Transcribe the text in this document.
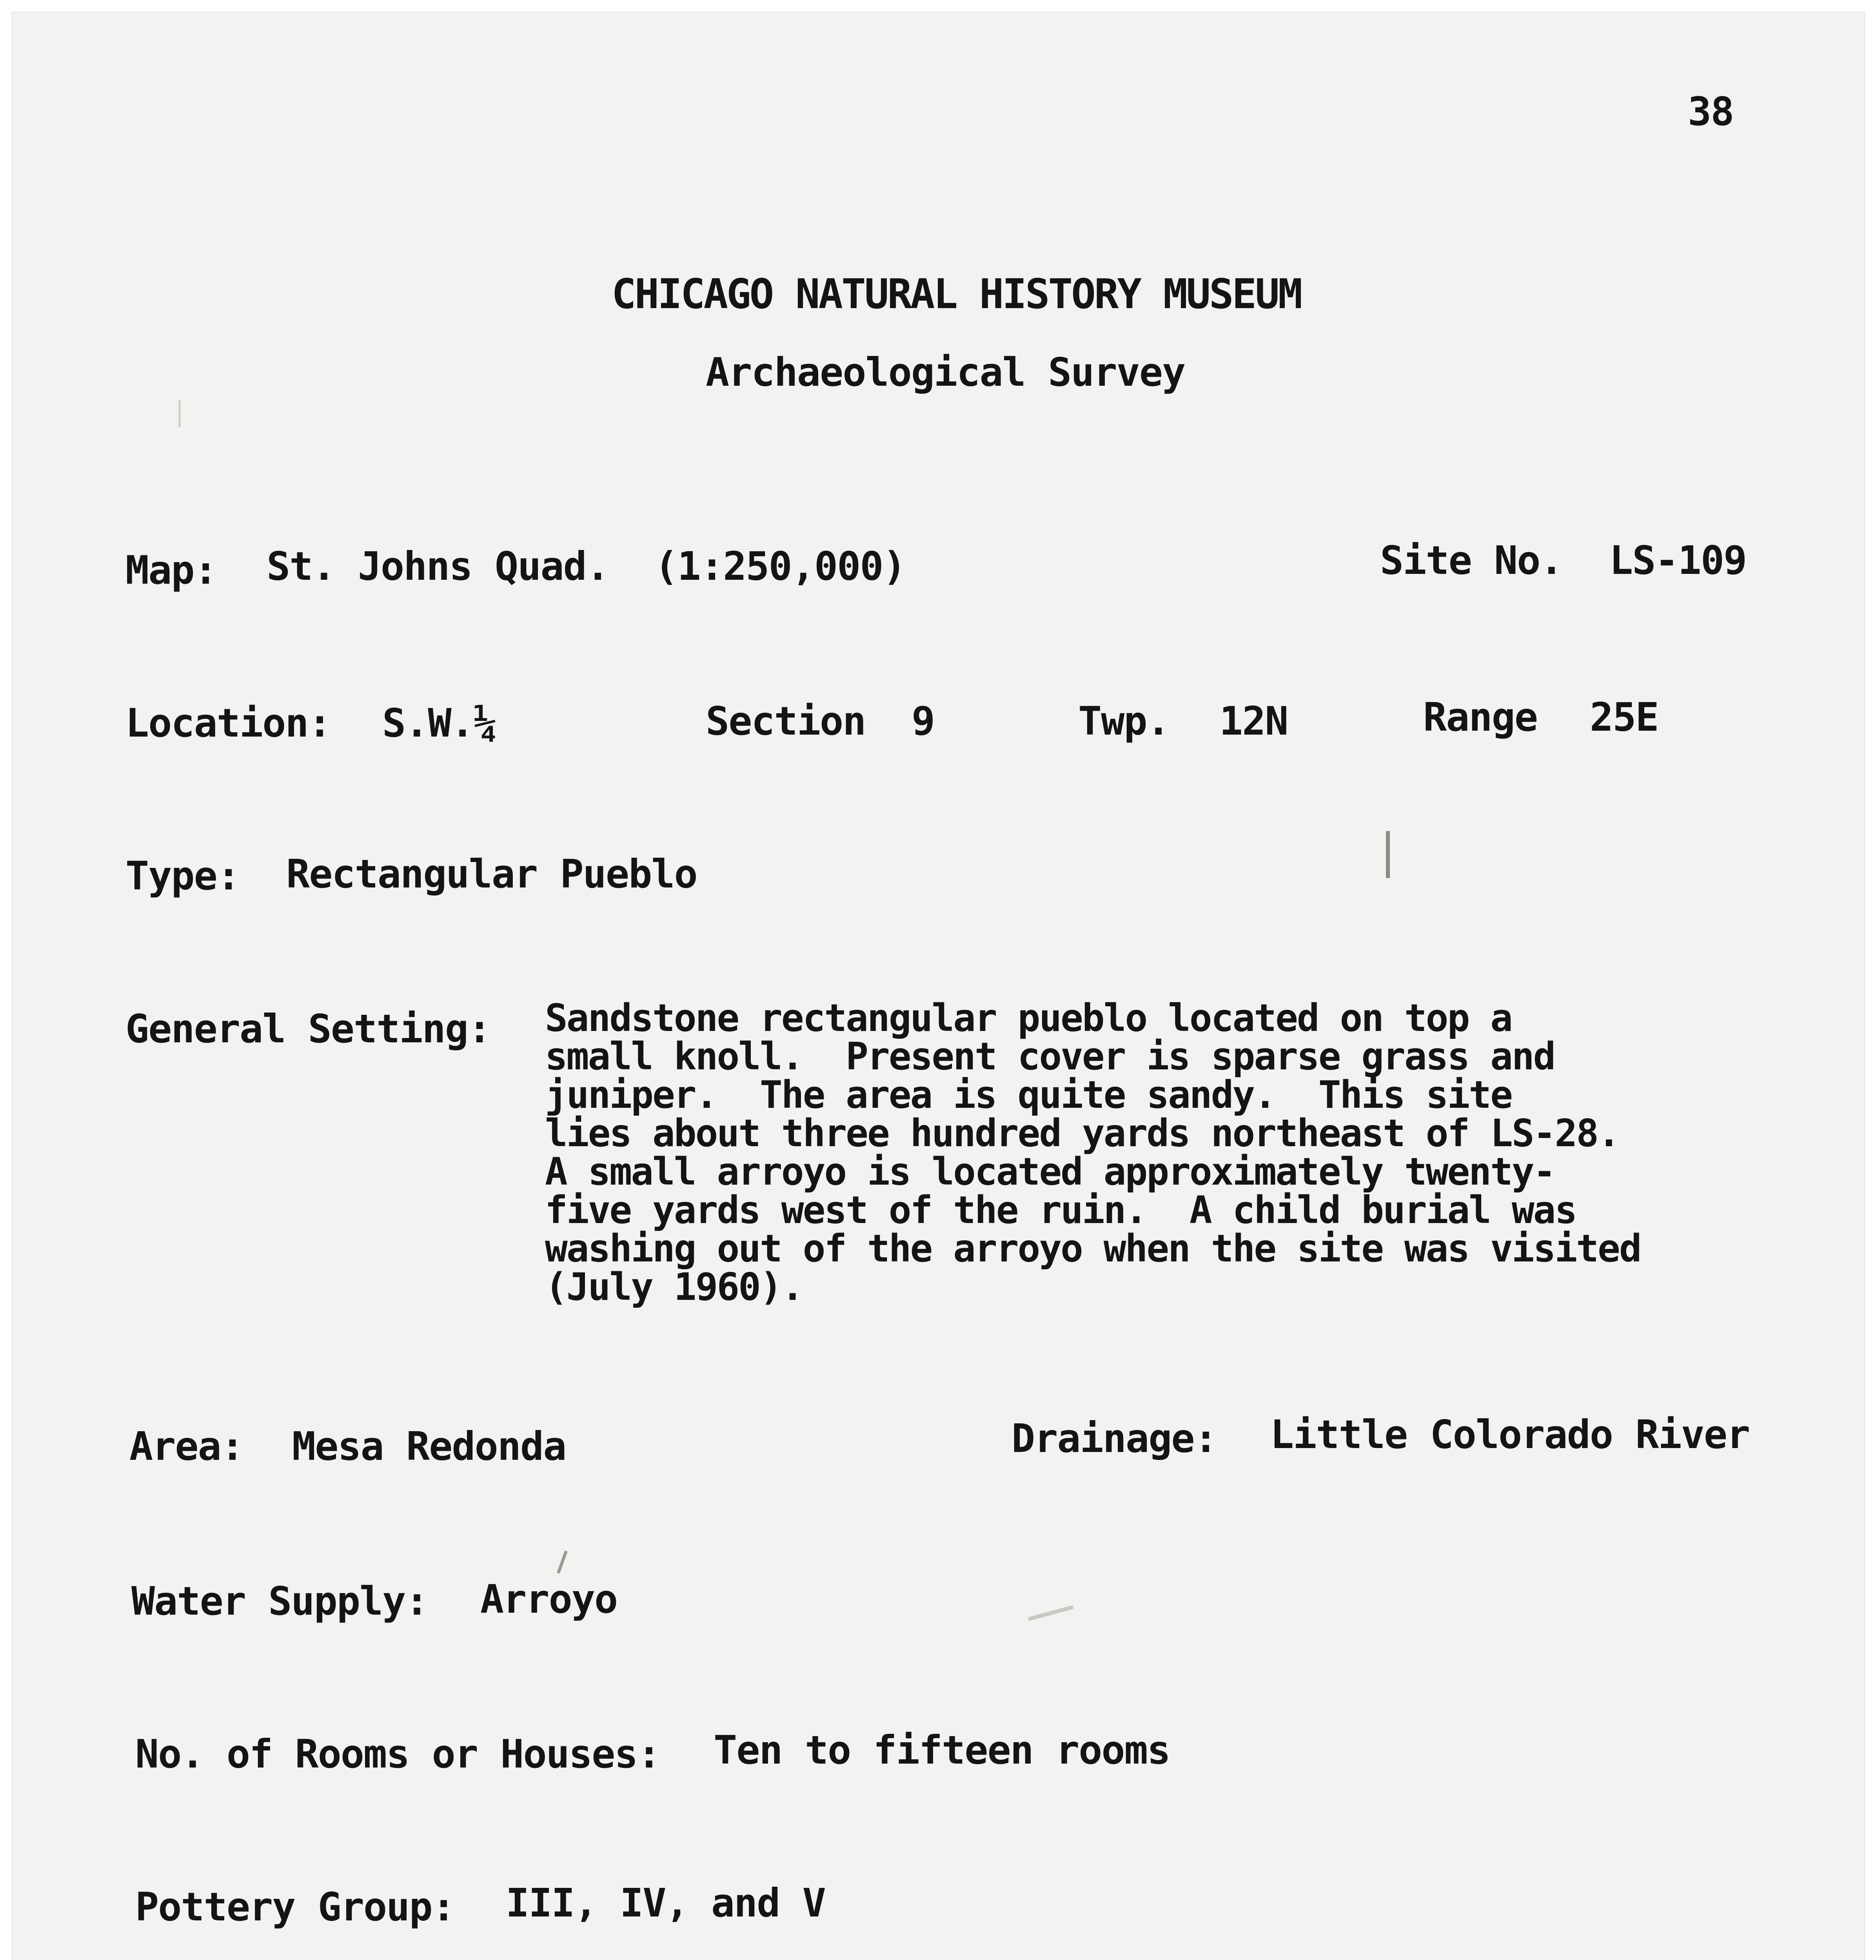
38
CHICAGO NATURAL HISTORY MUSEUM
Archaeological Survey
Map: St. Johns Quad.  (1:250,000)	Site No. LS-109
Location: S.W.¼	Section 9	Twp. 12N	Range 25E
Type: Rectangular Pueblo
General Setting: Sandstone rectangular pueblo located on top a
small knoll.  Present cover is sparse grass and
juniper.  The area is quite sandy.  This site
lies about three hundred yards northeast of LS-28.
A small arroyo is located approximately twenty-
five yards west of the ruin.  A child burial was
washing out of the arroyo when the site was visited
(July 1960).
Area: Mesa Redonda	Drainage: Little Colorado River
Water Supply: Arroyo
No. of Rooms or Houses: Ten to fifteen rooms
Pottery Group: III, IV, and V
